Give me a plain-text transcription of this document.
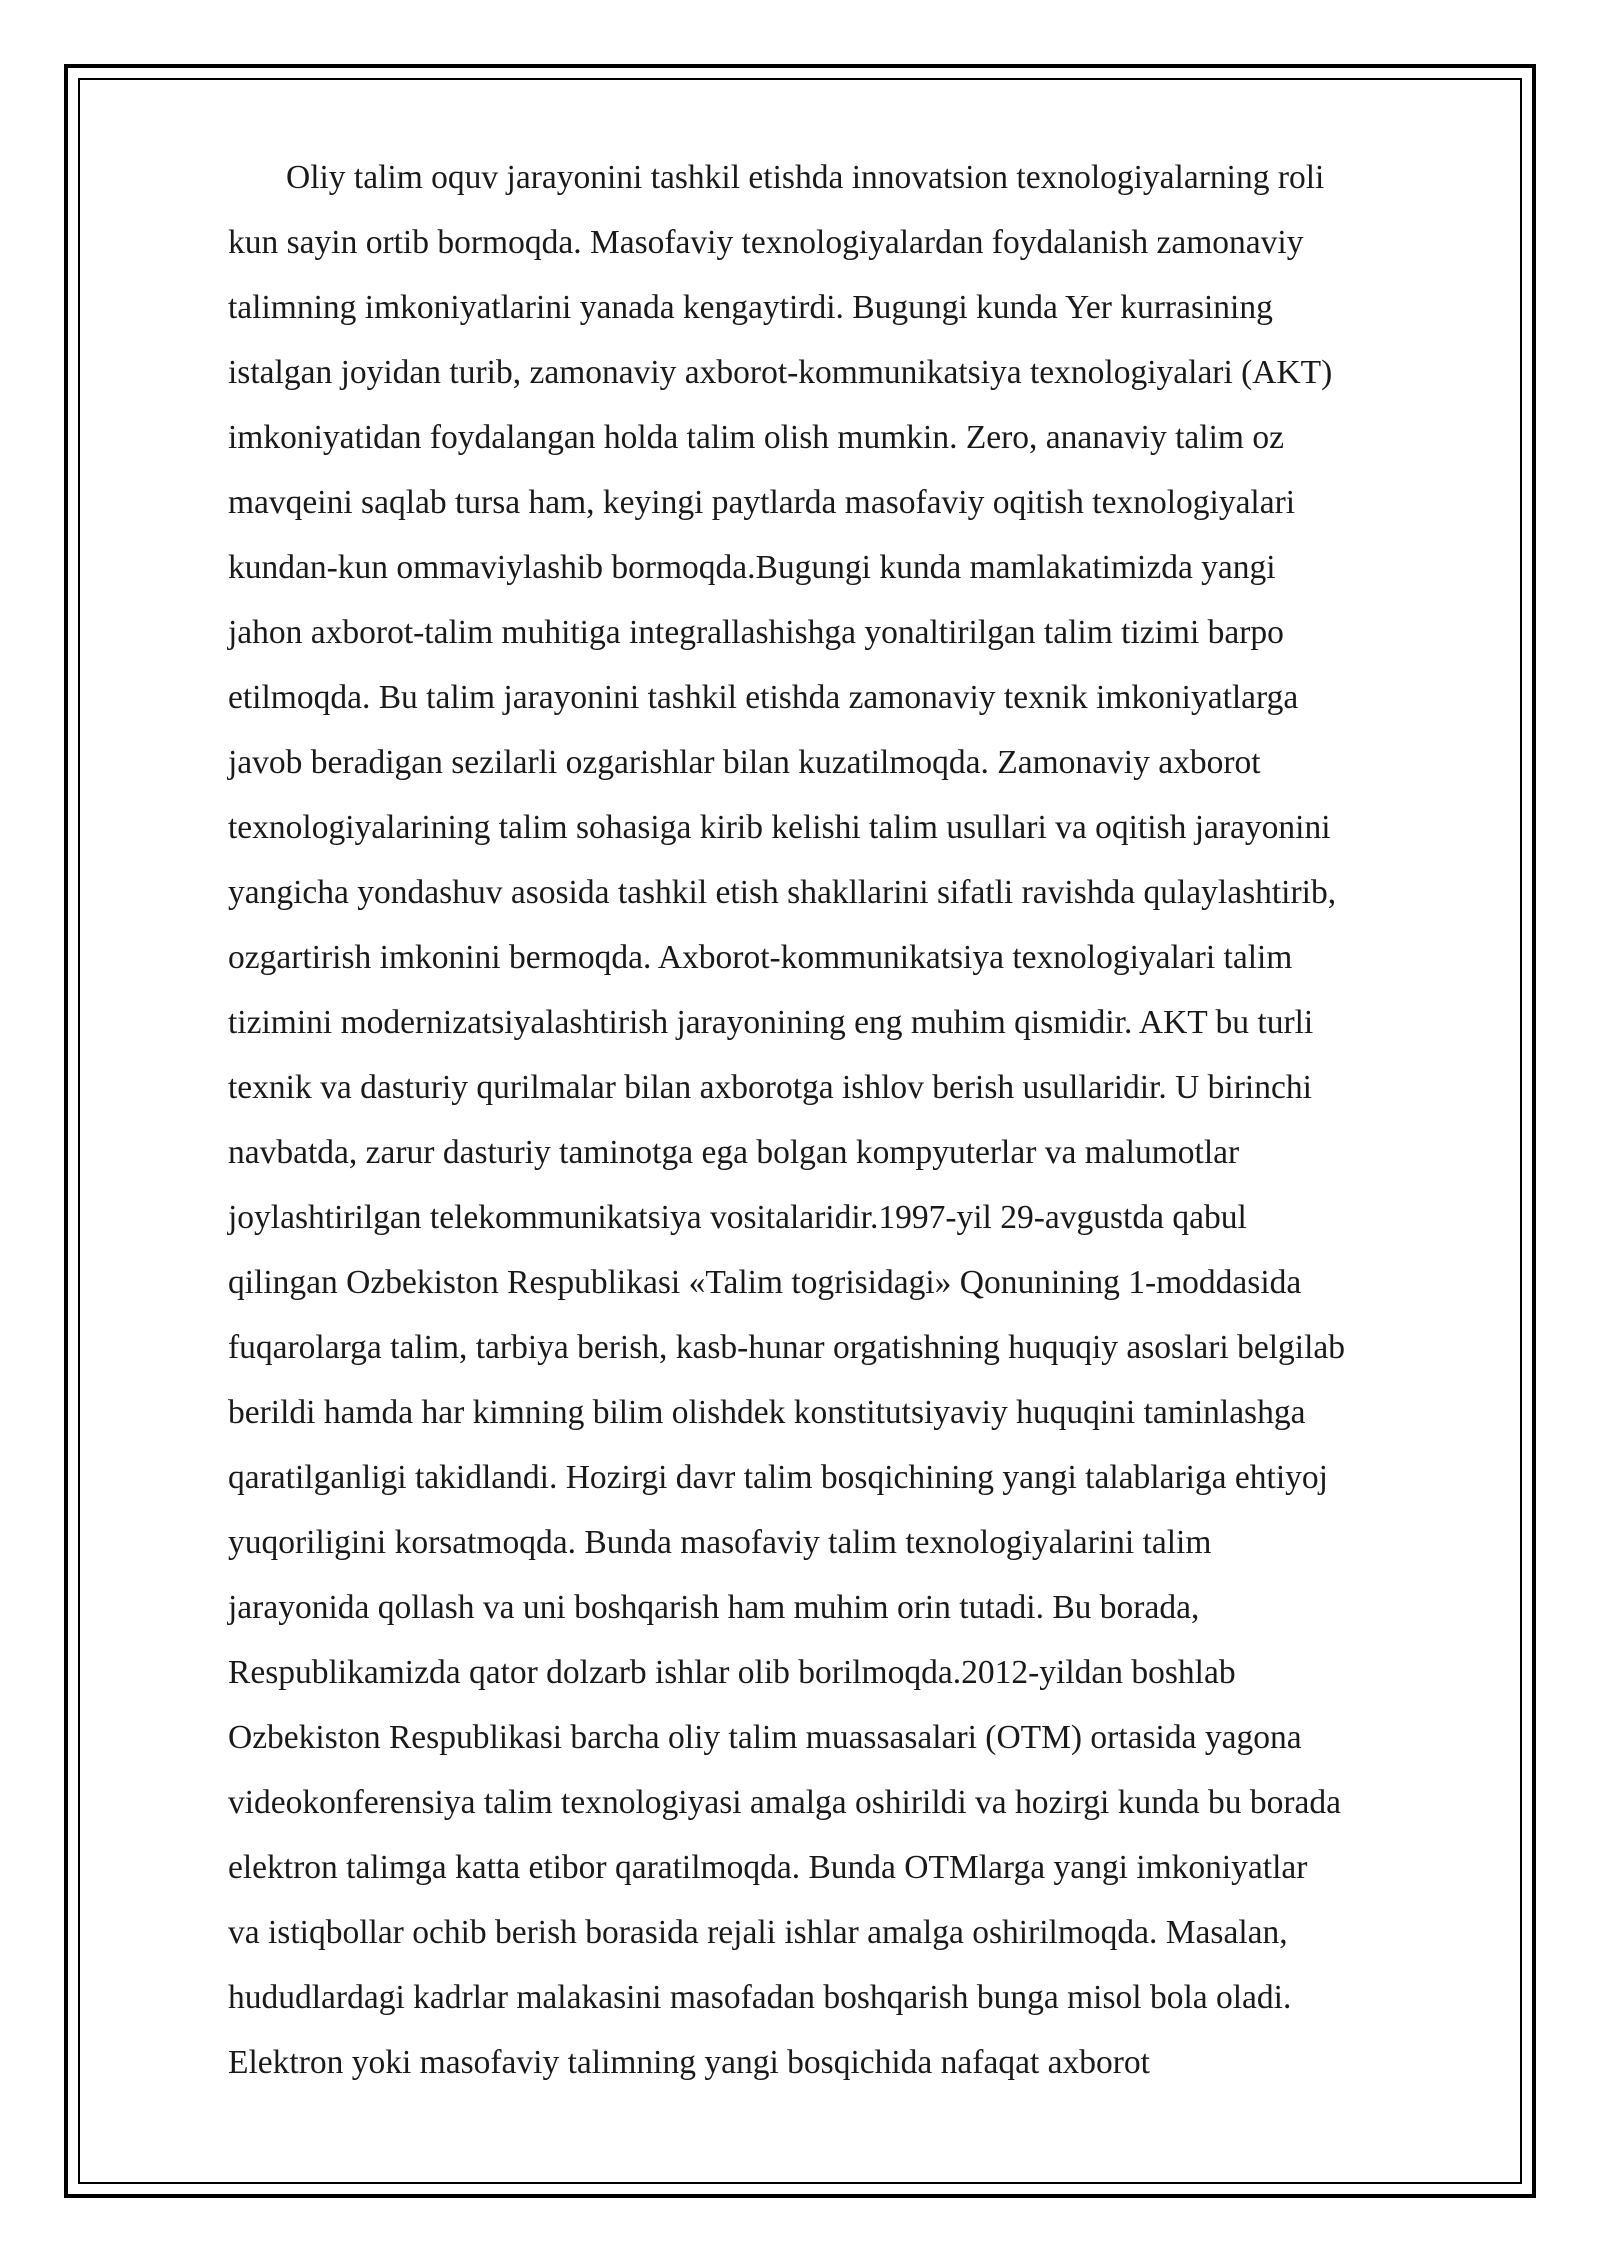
Oliy talim oquv jarayonini tashkil etishda innovatsion texnologiyalarning roli
kun sayin ortib bormoqda. Masofaviy texnologiyalardan foydalanish zamonaviy
talimning imkoniyatlarini yanada kengaytirdi. Bugungi kunda Yer kurrasining
istalgan joyidan turib, zamonaviy axborot-kommunikatsiya texnologiyalari (AKT)
imkoniyatidan foydalangan holda talim olish mumkin. Zero, ananaviy talim oz
mavqeini saqlab tursa ham, keyingi paytlarda masofaviy oqitish texnologiyalari
kundan-kun ommaviylashib bormoqda.Bugungi kunda mamlakatimizda yangi
jahon axborot-talim muhitiga integrallashishga yonaltirilgan talim tizimi barpo
etilmoqda. Bu talim jarayonini tashkil etishda zamonaviy texnik imkoniyatlarga
javob beradigan sezilarli ozgarishlar bilan kuzatilmoqda. Zamonaviy axborot
texnologiyalarining talim sohasiga kirib kelishi talim usullari va oqitish jarayonini
yangicha yondashuv asosida tashkil etish shakllarini sifatli ravishda qulaylashtirib,
ozgartirish imkonini bermoqda. Axborot-kommunikatsiya texnologiyalari talim
tizimini modernizatsiyalashtirish jarayonining eng muhim qismidir. AKT bu turli
texnik va dasturiy qurilmalar bilan axborotga ishlov berish usullaridir. U birinchi
navbatda, zarur dasturiy taminotga ega bolgan kompyuterlar va malumotlar
joylashtirilgan telekommunikatsiya vositalaridir.1997-yil 29-avgustda qabul
qilingan Ozbekiston Respublikasi «Talim togrisidagi» Qonunining 1-moddasida
fuqarolarga talim, tarbiya berish, kasb-hunar orgatishning huquqiy asoslari belgilab
berildi hamda har kimning bilim olishdek konstitutsiyaviy huquqini taminlashga
qaratilganligi takidlandi. Hozirgi davr talim bosqichining yangi talablariga ehtiyoj
yuqoriligini korsatmoqda. Bunda masofaviy talim texnologiyalarini talim
jarayonida qollash va uni boshqarish ham muhim orin tutadi. Bu borada,
Respublikamizda qator dolzarb ishlar olib borilmoqda.2012-yildan boshlab
Ozbekiston Respublikasi barcha oliy talim muassasalari (OTM) ortasida yagona
videokonferensiya talim texnologiyasi amalga oshirildi va hozirgi kunda bu borada
elektron talimga katta etibor qaratilmoqda. Bunda OTMlarga yangi imkoniyatlar
va istiqbollar ochib berish borasida rejali ishlar amalga oshirilmoqda. Masalan,
hududlardagi kadrlar malakasini masofadan boshqarish bunga misol bola oladi.
Elektron yoki masofaviy talimning yangi bosqichida nafaqat axborot
